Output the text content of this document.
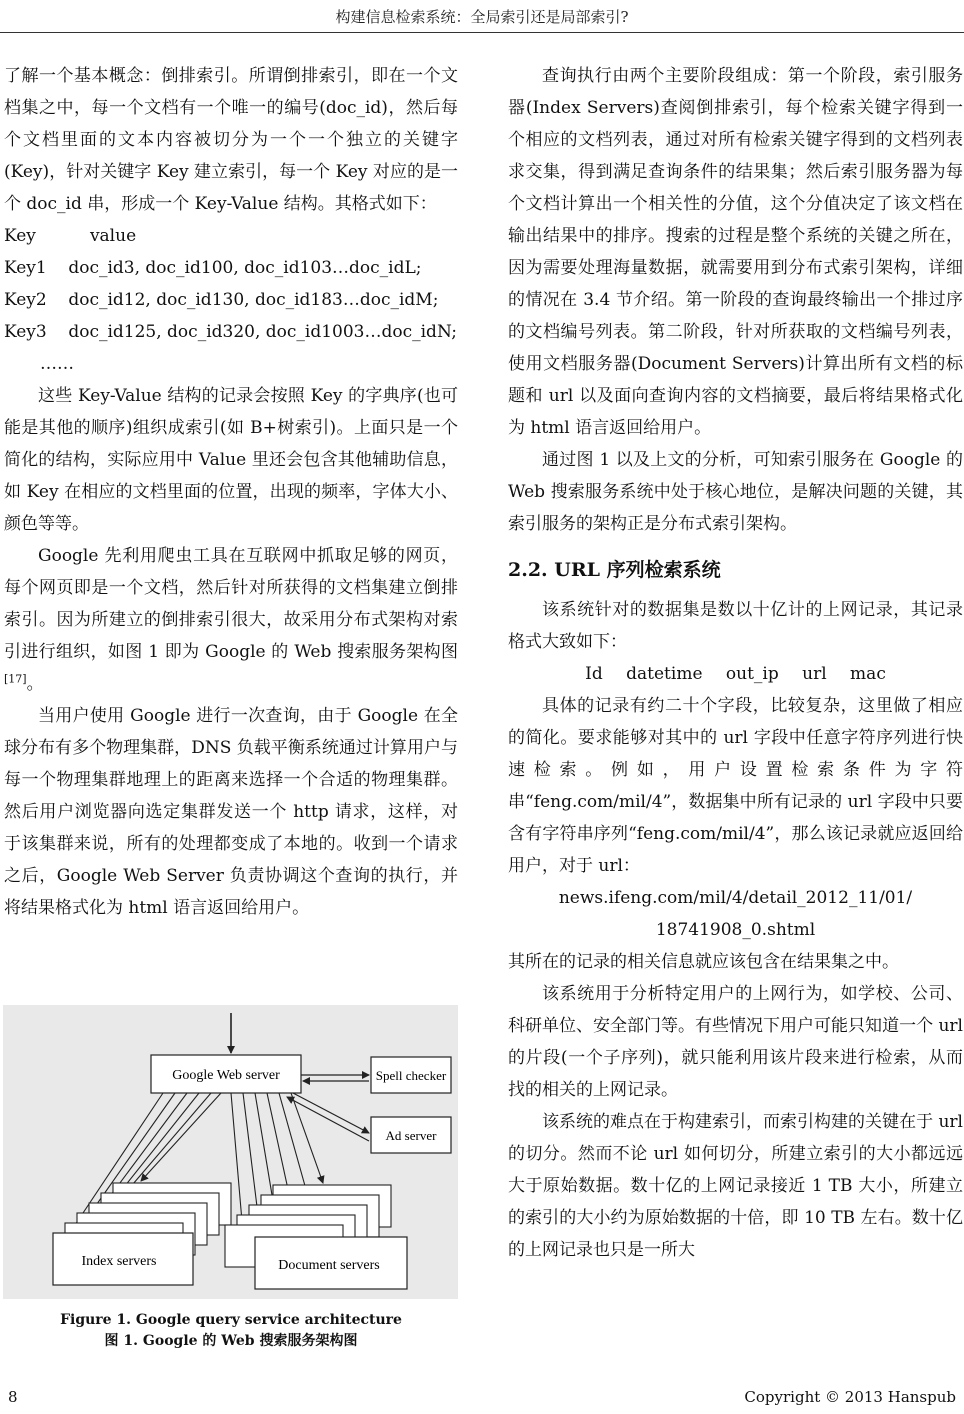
构建信息检索系统：全局索引还是局部索引?

了解一个基本概念：倒排索引。所谓倒排索引，即在一个文档集之中，每一个文档有一个唯一的编号(doc_id)，然后每个文档里面的文本内容被切分为一个一个独立的关键字(Key)，针对关键字 Key 建立索引，每一个 Key 对应的是一个 doc_id 串，形成一个 Key-Value 结构。其格式如下：

Key          value
Key1    doc_id3, doc_id100, doc_id103…doc_idL;
Key2    doc_id12, doc_id130, doc_id183…doc_idM;
Key3    doc_id125, doc_id320, doc_id1003…doc_idN;
……

这些 Key-Value 结构的记录会按照 Key 的字典序(也可能是其他的顺序)组织成索引(如 B+树索引)。上面只是一个简化的结构，实际应用中 Value 里还会包含其他辅助信息，如 Key 在相应的文档里面的位置，出现的频率，字体大小、颜色等等。

Google 先利用爬虫工具在互联网中抓取足够的网页，每个网页即是一个文档，然后针对所获得的文档集建立倒排索引。因为所建立的倒排索引很大，故采用分布式架构对索引进行组织，如图 1 即为 Google 的 Web 搜索服务架构图[17]。

当用户使用 Google 进行一次查询，由于 Google 在全球分布有多个物理集群，DNS 负载平衡系统通过计算用户与每一个物理集群地理上的距离来选择一个合适的物理集群。然后用户浏览器向选定集群发送一个 http 请求，这样，对于该集群来说，所有的处理都变成了本地的。收到一个请求之后，Google Web Server 负责协调这个查询的执行，并将结果格式化为 html 语言返回给用户。

Google Web server	Spell checker
Ad server
Index servers	Document servers
Figure 1. Google query service architecture
图 1. Google 的 Web 搜索服务架构图

查询执行由两个主要阶段组成：第一个阶段，索引服务器(Index Servers)查阅倒排索引，每个检索关键字得到一个相应的文档列表，通过对所有检索关键字得到的文档列表求交集，得到满足查询条件的结果集；然后索引服务器为每个文档计算出一个相关性的分值，这个分值决定了该文档在输出结果中的排序。搜索的过程是整个系统的关键之所在，因为需要处理海量数据，就需要用到分布式索引架构，详细的情况在 3.4 节介绍。第一阶段的查询最终输出一个排过序的文档编号列表。第二阶段，针对所获取的文档编号列表，使用文档服务器(Document Servers)计算出所有文档的标题和 url 以及面向查询内容的文档摘要，最后将结果格式化为 html 语言返回给用户。

通过图 1 以及上文的分析，可知索引服务在 Google 的 Web 搜索服务系统中处于核心地位，是解决问题的关键，其索引服务的架构正是分布式索引架构。

2.2. URL 序列检索系统

该系统针对的数据集是数以十亿计的上网记录，其记录格式大致如下：

Id datetime out_ip url mac

具体的记录有约二十个字段，比较复杂，这里做了相应的简化。要求能够对其中的 url 字段中任意字符序列进行快速检索。例如，用户设置检索条件为字符串“feng.com/mil/4”，数据集中所有记录的 url 字段中只要含有字符串序列“feng.com/mil/4”，那么该记录就应返回给用户，对于 url：

news.ifeng.com/mil/4/detail_2012_11/01/
18741908_0.shtml

其所在的记录的相关信息就应该包含在结果集之中。

该系统用于分析特定用户的上网行为，如学校、公司、科研单位、安全部门等。有些情况下用户可能只知道一个 url 的片段(一个子序列)，就只能利用该片段来进行检索，从而找的相关的上网记录。

该系统的难点在于构建索引，而索引构建的关键在于 url 的切分。然而不论 url 如何切分，所建立索引的大小都远远大于原始数据。数十亿的上网记录接近 1 TB 大小，所建立的索引的大小约为原始数据的十倍，即 10 TB 左右。数十亿的上网记录也只是一所大

8	Copyright © 2013 Hanspub
